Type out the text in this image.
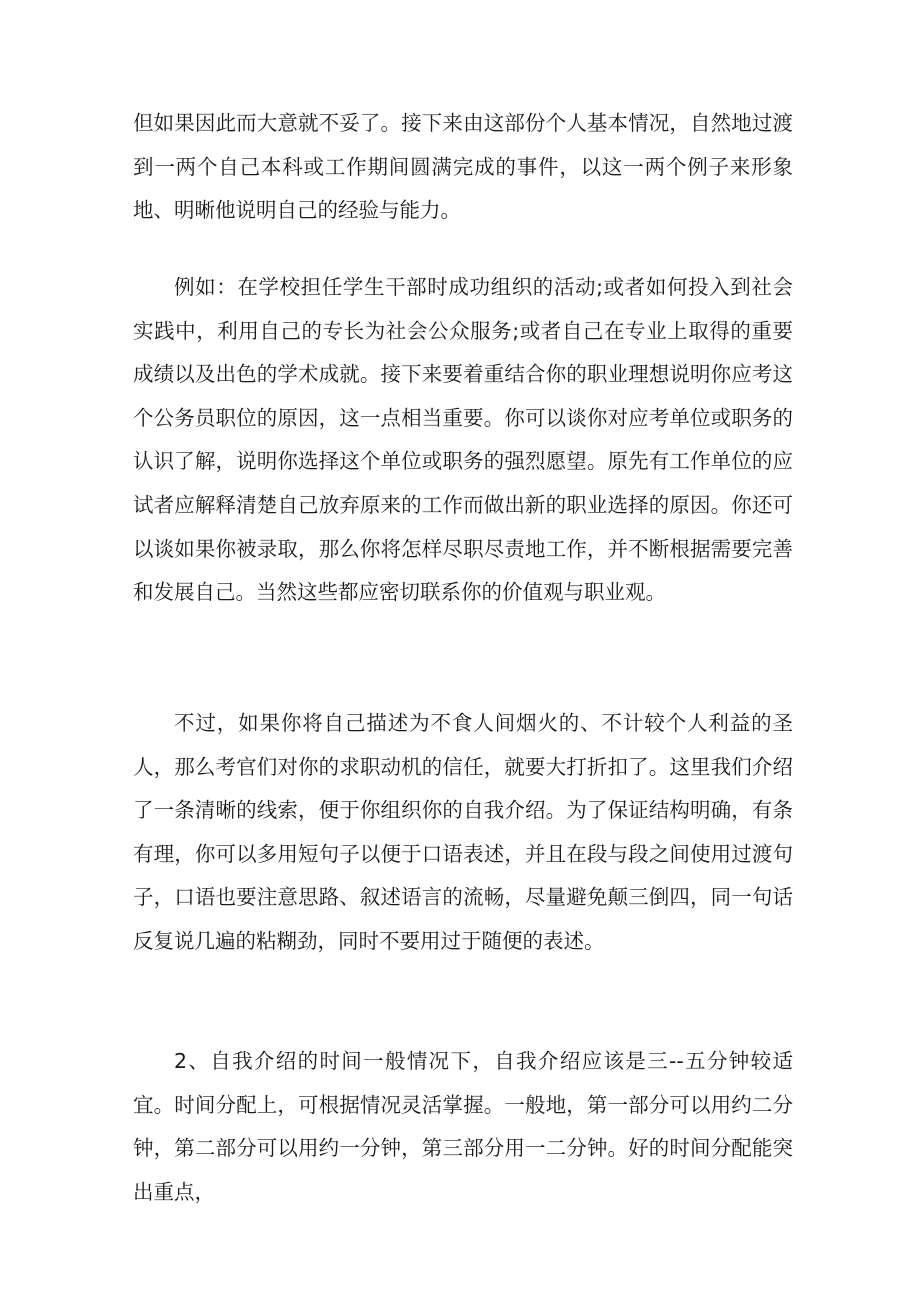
但如果因此而大意就不妥了。接下来由这部份个人基本情况，自然地过渡到一两个自己本科或工作期间圆满完成的事件，以这一两个例子来形象地、明晰他说明自己的经验与能力。

例如：在学校担任学生干部时成功组织的活动;或者如何投入到社会实践中，利用自己的专长为社会公众服务;或者自己在专业上取得的重要成绩以及出色的学术成就。接下来要着重结合你的职业理想说明你应考这个公务员职位的原因，这一点相当重要。你可以谈你对应考单位或职务的认识了解，说明你选择这个单位或职务的强烈愿望。原先有工作单位的应试者应解释清楚自己放弃原来的工作而做出新的职业选择的原因。你还可以谈如果你被录取，那么你将怎样尽职尽责地工作，并不断根据需要完善和发展自己。当然这些都应密切联系你的价值观与职业观。

不过，如果你将自己描述为不食人间烟火的、不计较个人利益的圣人，那么考官们对你的求职动机的信任，就要大打折扣了。这里我们介绍了一条清晰的线索，便于你组织你的自我介绍。为了保证结构明确，有条有理，你可以多用短句子以便于口语表述，并且在段与段之间使用过渡句子，口语也要注意思路、叙述语言的流畅，尽量避免颠三倒四，同一句话反复说几遍的粘糊劲，同时不要用过于随便的表述。

2、自我介绍的时间一般情况下，自我介绍应该是三--五分钟较适宜。时间分配上，可根据情况灵活掌握。一般地，第一部分可以用约二分钟，第二部分可以用约一分钟，第三部分用一二分钟。好的时间分配能突出重点，
